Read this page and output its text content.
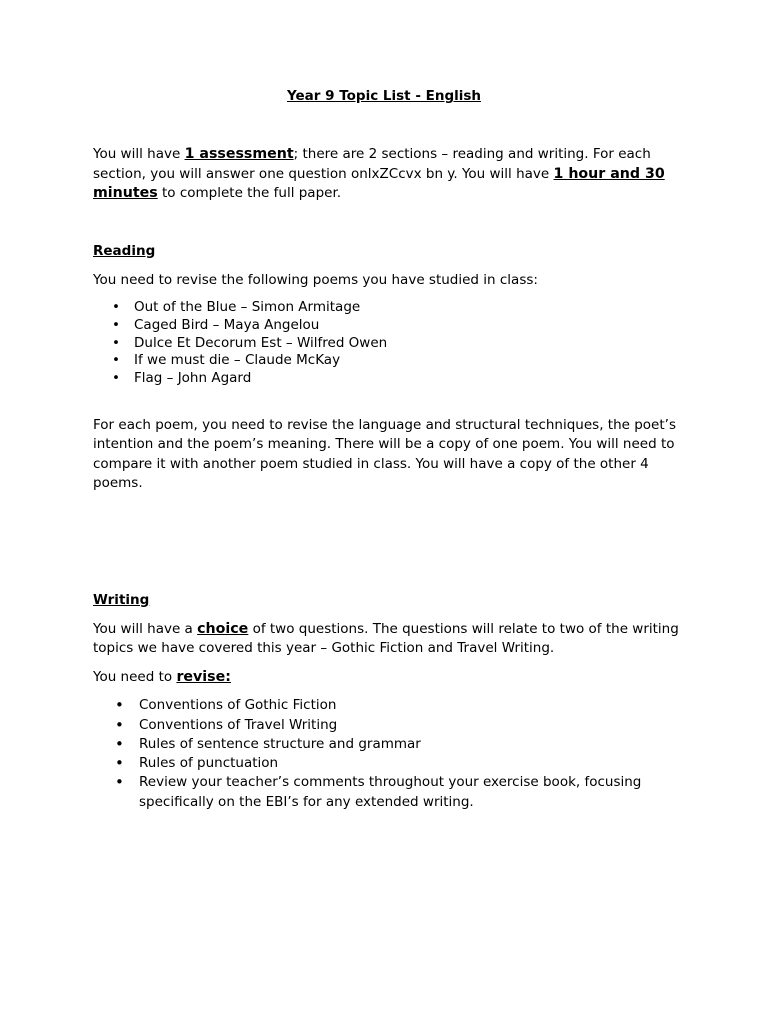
Year 9 Topic List - English

You will have 1 assessment; there are 2 sections – reading and writing. For each section, you will answer one question onlxZCcvx bn y. You will have 1 hour and 30 minutes to complete the full paper.

Reading

You need to revise the following poems you have studied in class:

• Out of the Blue – Simon Armitage
• Caged Bird – Maya Angelou
• Dulce Et Decorum Est – Wilfred Owen
• If we must die – Claude McKay
• Flag – John Agard

For each poem, you need to revise the language and structural techniques, the poet’s intention and the poem’s meaning. There will be a copy of one poem. You will need to compare it with another poem studied in class. You will have a copy of the other 4 poems.

Writing

You will have a choice of two questions. The questions will relate to two of the writing topics we have covered this year – Gothic Fiction and Travel Writing.

You need to revise:

• Conventions of Gothic Fiction
• Conventions of Travel Writing
• Rules of sentence structure and grammar
• Rules of punctuation
• Review your teacher’s comments throughout your exercise book, focusing specifically on the EBI’s for any extended writing.
